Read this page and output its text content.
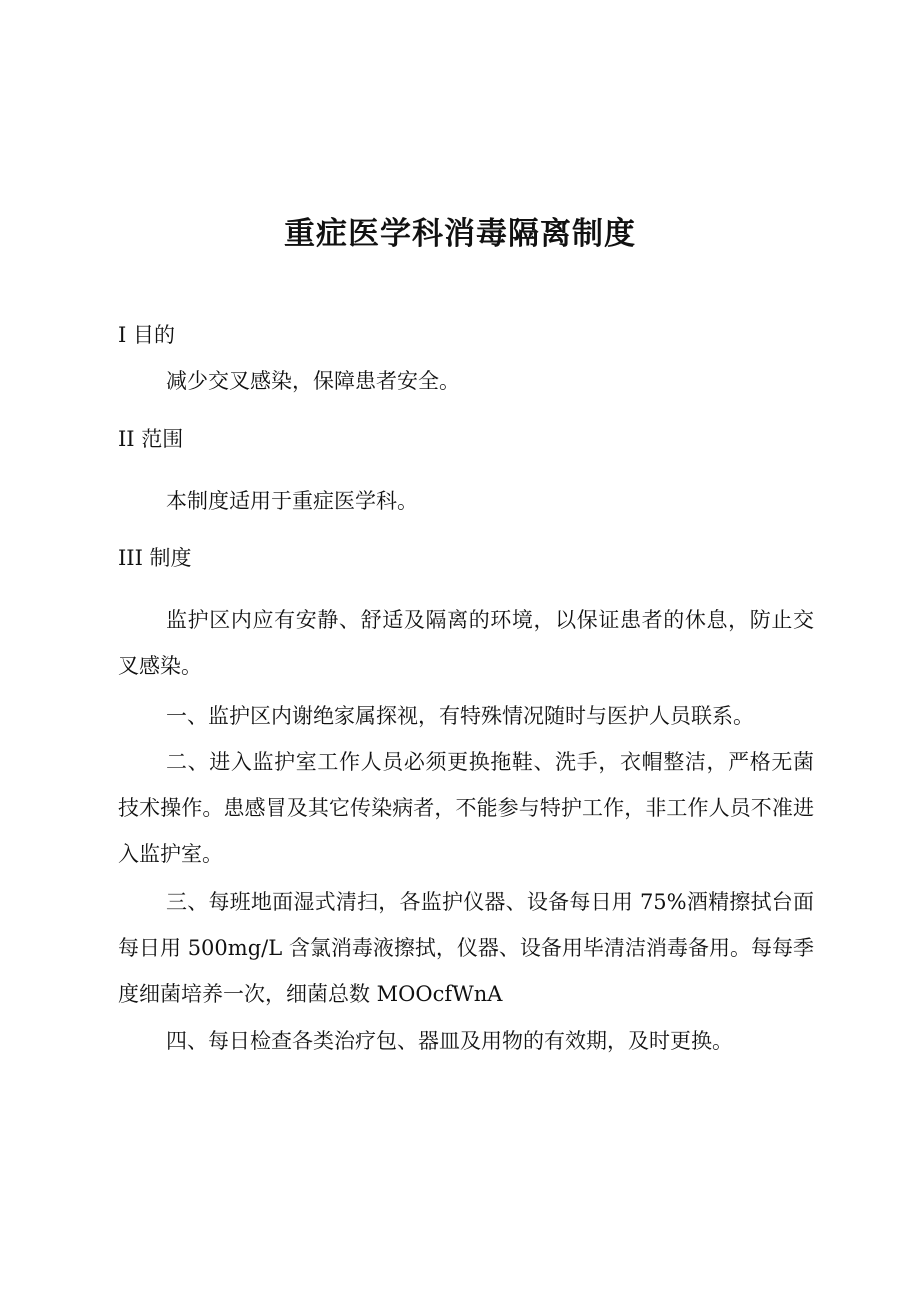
重症医学科消毒隔离制度

I 目的

减少交叉感染，保障患者安全。

II 范围

本制度适用于重症医学科。

III 制度

监护区内应有安静、舒适及隔离的环境，以保证患者的休息，防止交叉感染。

一、监护区内谢绝家属探视，有特殊情况随时与医护人员联系。

二、进入监护室工作人员必须更换拖鞋、洗手，衣帽整洁，严格无菌技术操作。患感冒及其它传染病者，不能参与特护工作，非工作人员不准进入监护室。

三、每班地面湿式清扫，各监护仪器、设备每日用 75%酒精擦拭台面每日用 500mg/L 含氯消毒液擦拭，仪器、设备用毕清洁消毒备用。每每季度细菌培养一次，细菌总数 MOOcfWnA

四、每日检查各类治疗包、器皿及用物的有效期，及时更换。
